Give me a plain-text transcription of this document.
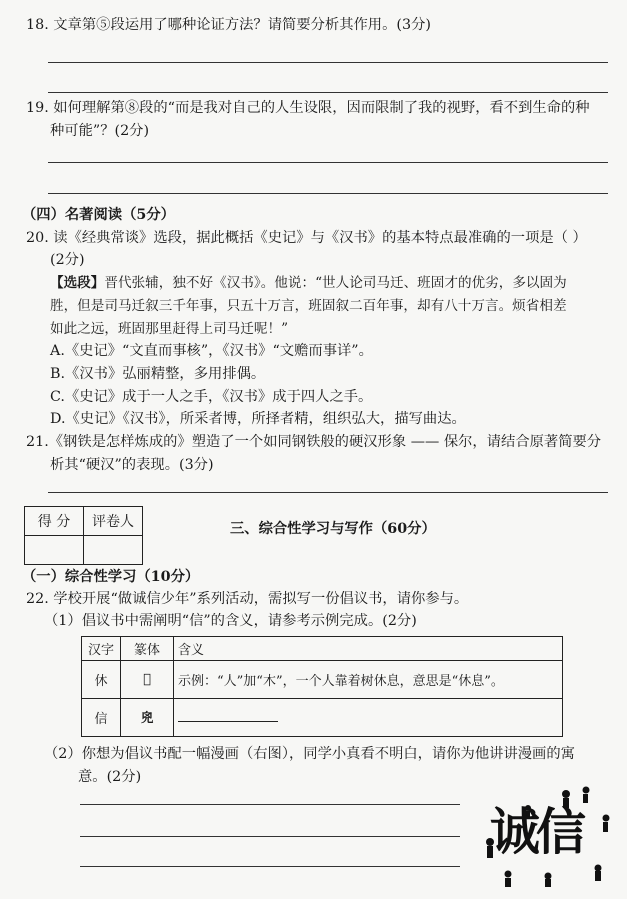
18. 文章第⑤段运用了哪种论证方法？请简要分析其作用。(3分)
19. 如何理解第⑧段的“而是我对自己的人生设限，因而限制了我的视野，看不到生命的种
种可能”？(2分)
（四）名著阅读（5分）
20. 读《经典常谈》选段，据此概括《史记》与《汉书》的基本特点最准确的一项是（ ）
(2分)
【选段】晋代张辅，独不好《汉书》。他说：“世人论司马迁、班固才的优劣，多以固为
胜，但是司马迁叙三千年事，只五十万言，班固叙二百年事，却有八十万言。烦省相差
如此之远，班固那里赶得上司马迁呢！”
A.《史记》“文直而事核”，《汉书》“文赡而事详”。
B.《汉书》弘丽精整，多用排偶。
C.《史记》成于一人之手，《汉书》成于四人之手。
D.《史记》《汉书》，所采者博，所择者精，组织弘大，描写曲达。
21.《钢铁是怎样炼成的》塑造了一个如同钢铁般的硬汉形象 —— 保尔，请结合原著简要分
析其“硬汉”的表现。(3分)
得 分	评卷人
		三、综合性学习与写作（60分）
（一）综合性学习（10分）
22. 学校开展“做诚信少年”系列活动，需拟写一份倡议书，请你参与。
（1）倡议书中需阐明“信”的含义，请参考示例完成。(2分)
汉字	篆体	含义
休	𠇷	示例：“人”加“木”，一个人靠着树休息，意思是“休息”。
信	𠒆	
（2）你想为倡议书配一幅漫画（右图），同学小真看不明白，请你为他讲讲漫画的寓
意。(2分)
诚信
